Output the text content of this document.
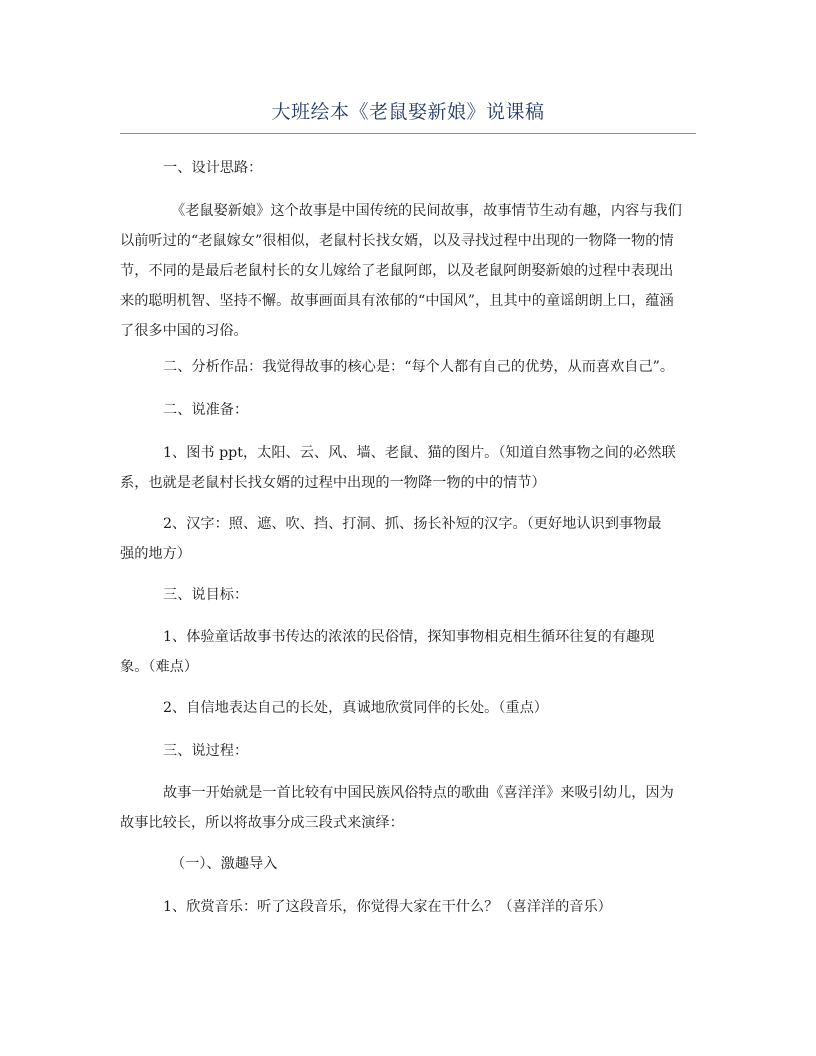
大班绘本《老鼠娶新娘》说课稿
一、设计思路：
《老鼠娶新娘》这个故事是中国传统的民间故事，故事情节生动有趣，内容与我们
以前听过的“老鼠嫁女”很相似，老鼠村长找女婿，以及寻找过程中出现的一物降一物的情
节，不同的是最后老鼠村长的女儿嫁给了老鼠阿郎，以及老鼠阿朗娶新娘的过程中表现出
来的聪明机智、坚持不懈。故事画面具有浓郁的“中国风”，且其中的童谣朗朗上口，蕴涵
了很多中国的习俗。
二、分析作品：我觉得故事的核心是：“每个人都有自己的优势，从而喜欢自己”。
二、说准备：
1、图书 ppt，太阳、云、风、墙、老鼠、猫的图片。（知道自然事物之间的必然联
系，也就是老鼠村长找女婿的过程中出现的一物降一物的中的情节）
2、汉字：照、遮、吹、挡、打洞、抓、扬长补短的汉字。（更好地认识到事物最
强的地方）
三、说目标：
1、体验童话故事书传达的浓浓的民俗情，探知事物相克相生循环往复的有趣现
象。（难点）
2、自信地表达自己的长处，真诚地欣赏同伴的长处。（重点）
三、说过程：
故事一开始就是一首比较有中国民族风俗特点的歌曲《喜洋洋》来吸引幼儿，因为
故事比较长，所以将故事分成三段式来演绎：
（一）、激趣导入
1、欣赏音乐：听了这段音乐，你觉得大家在干什么？（喜洋洋的音乐）
